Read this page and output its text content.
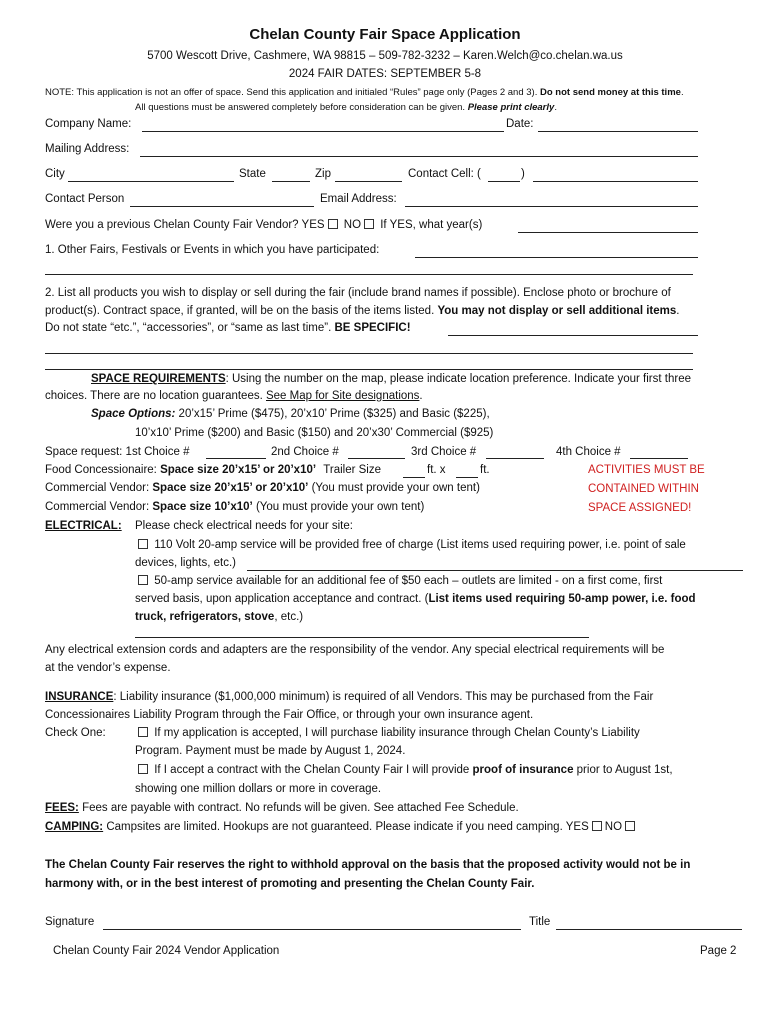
Chelan County Fair Space Application
5700 Wescott Drive, Cashmere, WA 98815 – 509-782-3232 – Karen.Welch@co.chelan.wa.us
2024 FAIR DATES: SEPTEMBER 5-8
NOTE: This application is not an offer of space. Send this application and initialed “Rules” page only (Pages 2 and 3). Do not send money at this time.
All questions must be answered completely before consideration can be given. Please print clearly.
Company Name:	Date:
Mailing Address:
City	State	Zip	Contact Cell: (	)
Contact Person	Email Address:
Were you a previous Chelan County Fair Vendor? YES NO If YES, what year(s)
1. Other Fairs, Festivals or Events in which you have participated:
2. List all products you wish to display or sell during the fair (include brand names if possible). Enclose photo or brochure of
product(s). Contract space, if granted, will be on the basis of the items listed. You may not display or sell additional items.
Do not state “etc.”, “accessories”, or “same as last time”. BE SPECIFIC!
SPACE REQUIREMENTS: Using the number on the map, please indicate location preference. Indicate your first three
choices. There are no location guarantees. See Map for Site designations.
Space Options: 20’x15’ Prime ($475), 20’x10’ Prime ($325) and Basic ($225),
10’x10’ Prime ($200) and Basic ($150) and 20’x30’ Commercial ($925)
Space request: 1st Choice #	2nd Choice #	3rd Choice #	4th Choice #
Food Concessionaire: Space size 20’x15’ or 20’x10’ Trailer Size	ft. x	ft.
Commercial Vendor: Space size 20’x15’ or 20’x10’ (You must provide your own tent)
Commercial Vendor: Space size 10’x10’ (You must provide your own tent)
ACTIVITIES MUST BE
CONTAINED WITHIN
SPACE ASSIGNED!
ELECTRICAL: Please check electrical needs for your site:
110 Volt 20-amp service will be provided free of charge (List items used requiring power, i.e. point of sale
devices, lights, etc.)
50-amp service available for an additional fee of $50 each – outlets are limited - on a first come, first
served basis, upon application acceptance and contract. (List items used requiring 50-amp power, i.e. food
truck, refrigerators, stove, etc.)
Any electrical extension cords and adapters are the responsibility of the vendor. Any special electrical requirements will be
at the vendor’s expense.
INSURANCE: Liability insurance ($1,000,000 minimum) is required of all Vendors. This may be purchased from the Fair
Concessionaires Liability Program through the Fair Office, or through your own insurance agent.
Check One:	If my application is accepted, I will purchase liability insurance through Chelan County’s Liability
Program. Payment must be made by August 1, 2024.
If I accept a contract with the Chelan County Fair I will provide proof of insurance prior to August 1st,
showing one million dollars or more in coverage.
FEES: Fees are payable with contract. No refunds will be given. See attached Fee Schedule.
CAMPING: Campsites are limited. Hookups are not guaranteed. Please indicate if you need camping. YES NO
The Chelan County Fair reserves the right to withhold approval on the basis that the proposed activity would not be in
harmony with, or in the best interest of promoting and presenting the Chelan County Fair.
Signature	Title
Chelan County Fair 2024 Vendor Application	Page 2
